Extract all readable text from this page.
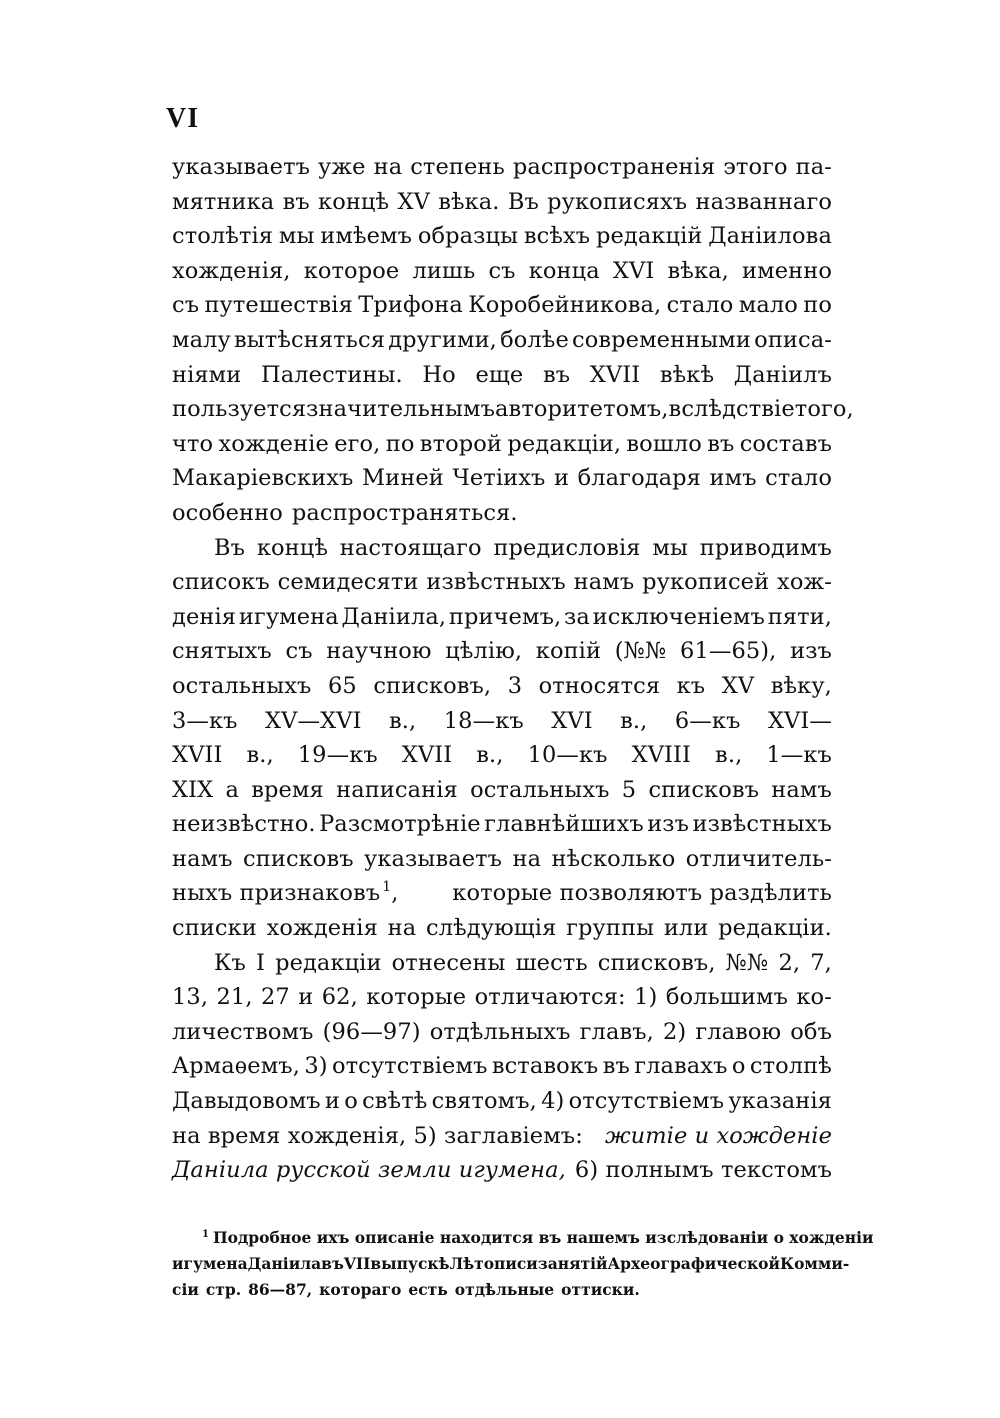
VI
указываетъ уже на степень распространенія этого па-
мятника въ концѣ XV вѣка. Въ рукописяхъ названнаго
столѣтія мы имѣемъ образцы всѣхъ редакцій Даніилова
хожденія, которое лишь съ конца XVI вѣка, именно
съ путешествія Трифона Коробейникова, стало мало по
малу вытѣсняться другими, болѣе современными описа-
ніями Палестины. Но еще въ XVII вѣкѣ Даніилъ
пользуется значительнымъ авторитетомъ, вслѣдствіе того,
что хожденіе его, по второй редакціи, вошло въ составъ
Макаріевскихъ Миней Четіихъ и благодаря имъ стало
особенно распространяться.
Въ концѣ настоящаго предисловія мы приводимъ
списокъ семидесяти извѣстныхъ намъ рукописей хож-
денія игумена Даніила, причемъ, за исключеніемъ пяти,
снятыхъ съ научною цѣлію, копій (№№ 61—65), изъ
остальныхъ 65 списковъ, 3 относятся къ XV вѣку,
3—къ XV—XVI в., 18—къ XVI в., 6—къ XVI—
XVII в., 19—къ XVII в., 10—къ XVIII в., 1—къ
XIX а время написанія остальныхъ 5 списковъ намъ
неизвѣстно. Разсмотрѣніе главнѣйшихъ изъ извѣстныхъ
намъ списковъ указываетъ на нѣсколько отличитель-
ныхъ признаковъ $^1$, которые позволяютъ раздѣлить
списки хожденія на слѣдующія группы или редакціи.
Къ I редакціи отнесены шесть списковъ, №№ 2, 7,
13, 21, 27 и 62, которые отличаются: 1) большимъ ко-
личествомъ (96—97) отдѣльныхъ главъ, 2) главою объ
Армаѳемъ, 3) отсутствіемъ вставокъ въ главахъ о столпѣ
Давыдовомъ и о свѣтѣ святомъ, 4) отсутствіемъ указанія
на время хожденія, 5) заглавіемъ: житіе и хожденіе
Даніила русской земли игумена, 6) полнымъ текстомъ
$^1$ Подробное ихъ описаніе находится въ нашемъ изслѣдованіи о хожденіи
игумена Даніила въ VII выпускѣ Лѣтописи занятій Археографической Комми-
сіи стр. 86—87, котораго есть отдѣльные оттиски.
